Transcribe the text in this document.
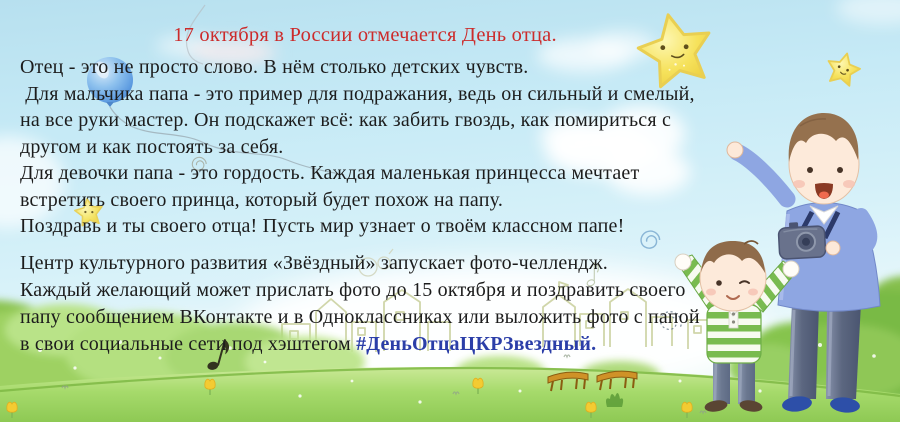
17 октября в России отмечается День отца.
Отец - это не просто слово. В нём столько детских чувств.
Для мальчика папа - это пример для подражания, ведь он сильный и смелый,
на все руки мастер. Он подскажет всё: как забить гвоздь, как помириться с
другом и как постоять за себя.
Для девочки папа - это гордость. Каждая маленькая принцесса мечтает
встретить своего принца, который будет похож на папу.
Поздравь и ты своего отца! Пусть мир узнает о твоём классном папе!
Центр культурного развития «Звёздный» запускает фото-челлендж.
Каждый желающий может прислать фото до 15 октября и поздравить своего
папу сообщением ВКонтакте и в Одноклассниках или выложить фото с папой
в свои социальные сети под хэштегом #ДеньОтцаЦКРЗвездный.
